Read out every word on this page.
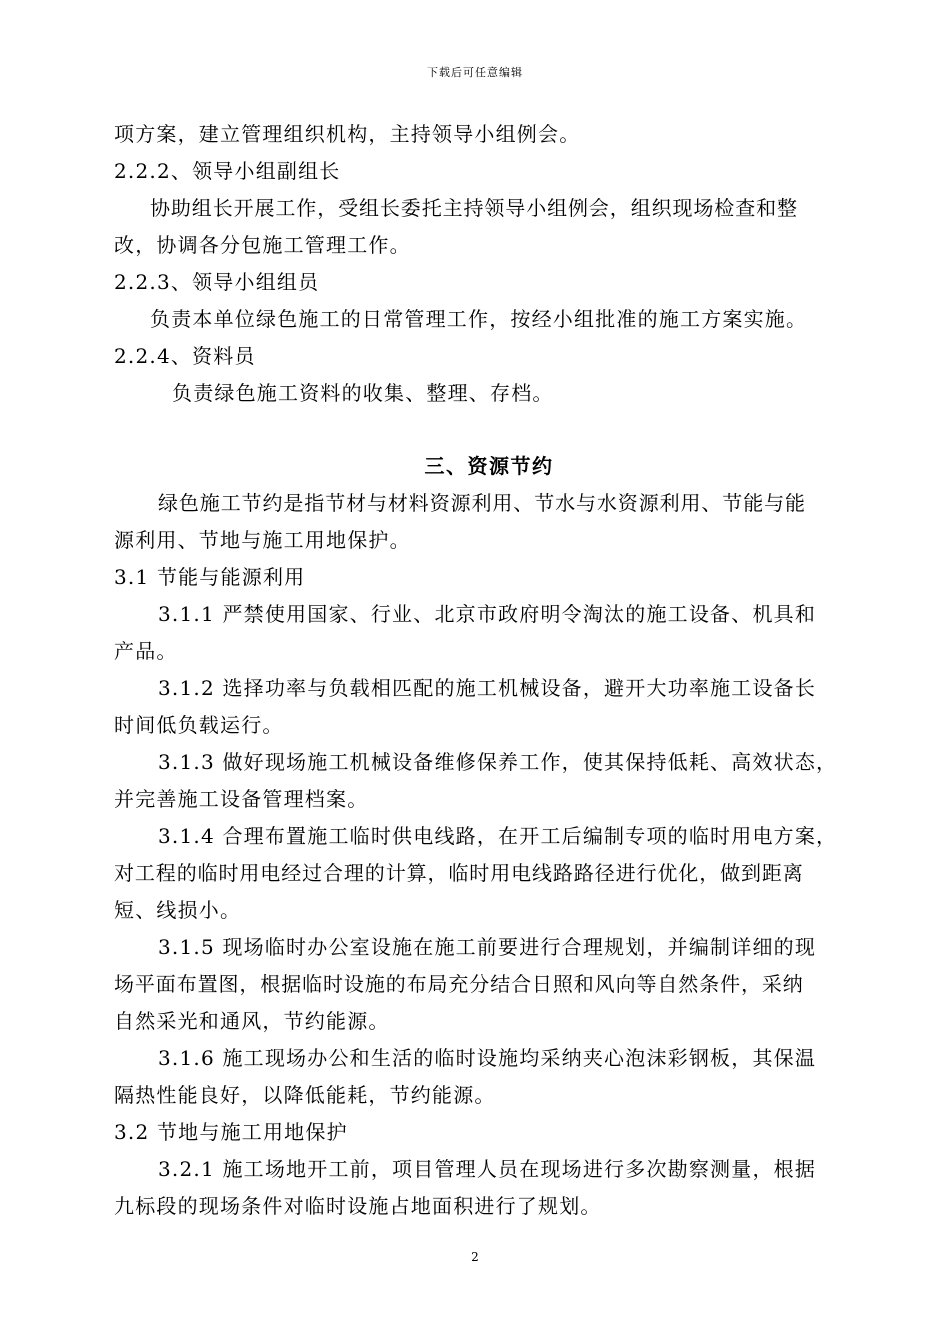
下载后可任意编辑
项方案，建立管理组织机构，主持领导小组例会。
2.2.2、领导小组副组长
协助组长开展工作，受组长委托主持领导小组例会，组织现场检查和整
改，协调各分包施工管理工作。
2.2.3、领导小组组员
负责本单位绿色施工的日常管理工作，按经小组批准的施工方案实施。
2.2.4、资料员
负责绿色施工资料的收集、整理、存档。
三、资源节约
绿色施工节约是指节材与材料资源利用、节水与水资源利用、节能与能
源利用、节地与施工用地保护。
3.1 节能与能源利用
3.1.1 严禁使用国家、行业、北京市政府明令淘汰的施工设备、机具和
产品。
3.1.2 选择功率与负载相匹配的施工机械设备，避开大功率施工设备长
时间低负载运行。
3.1.3 做好现场施工机械设备维修保养工作，使其保持低耗、高效状态，
并完善施工设备管理档案。
3.1.4 合理布置施工临时供电线路，在开工后编制专项的临时用电方案，
对工程的临时用电经过合理的计算，临时用电线路路径进行优化，做到距离
短、线损小。
3.1.5 现场临时办公室设施在施工前要进行合理规划，并编制详细的现
场平面布置图，根据临时设施的布局充分结合日照和风向等自然条件，采纳
自然采光和通风，节约能源。
3.1.6 施工现场办公和生活的临时设施均采纳夹心泡沫彩钢板，其保温
隔热性能良好，以降低能耗，节约能源。
3.2 节地与施工用地保护
3.2.1 施工场地开工前，项目管理人员在现场进行多次勘察测量，根据
九标段的现场条件对临时设施占地面积进行了规划。
2
